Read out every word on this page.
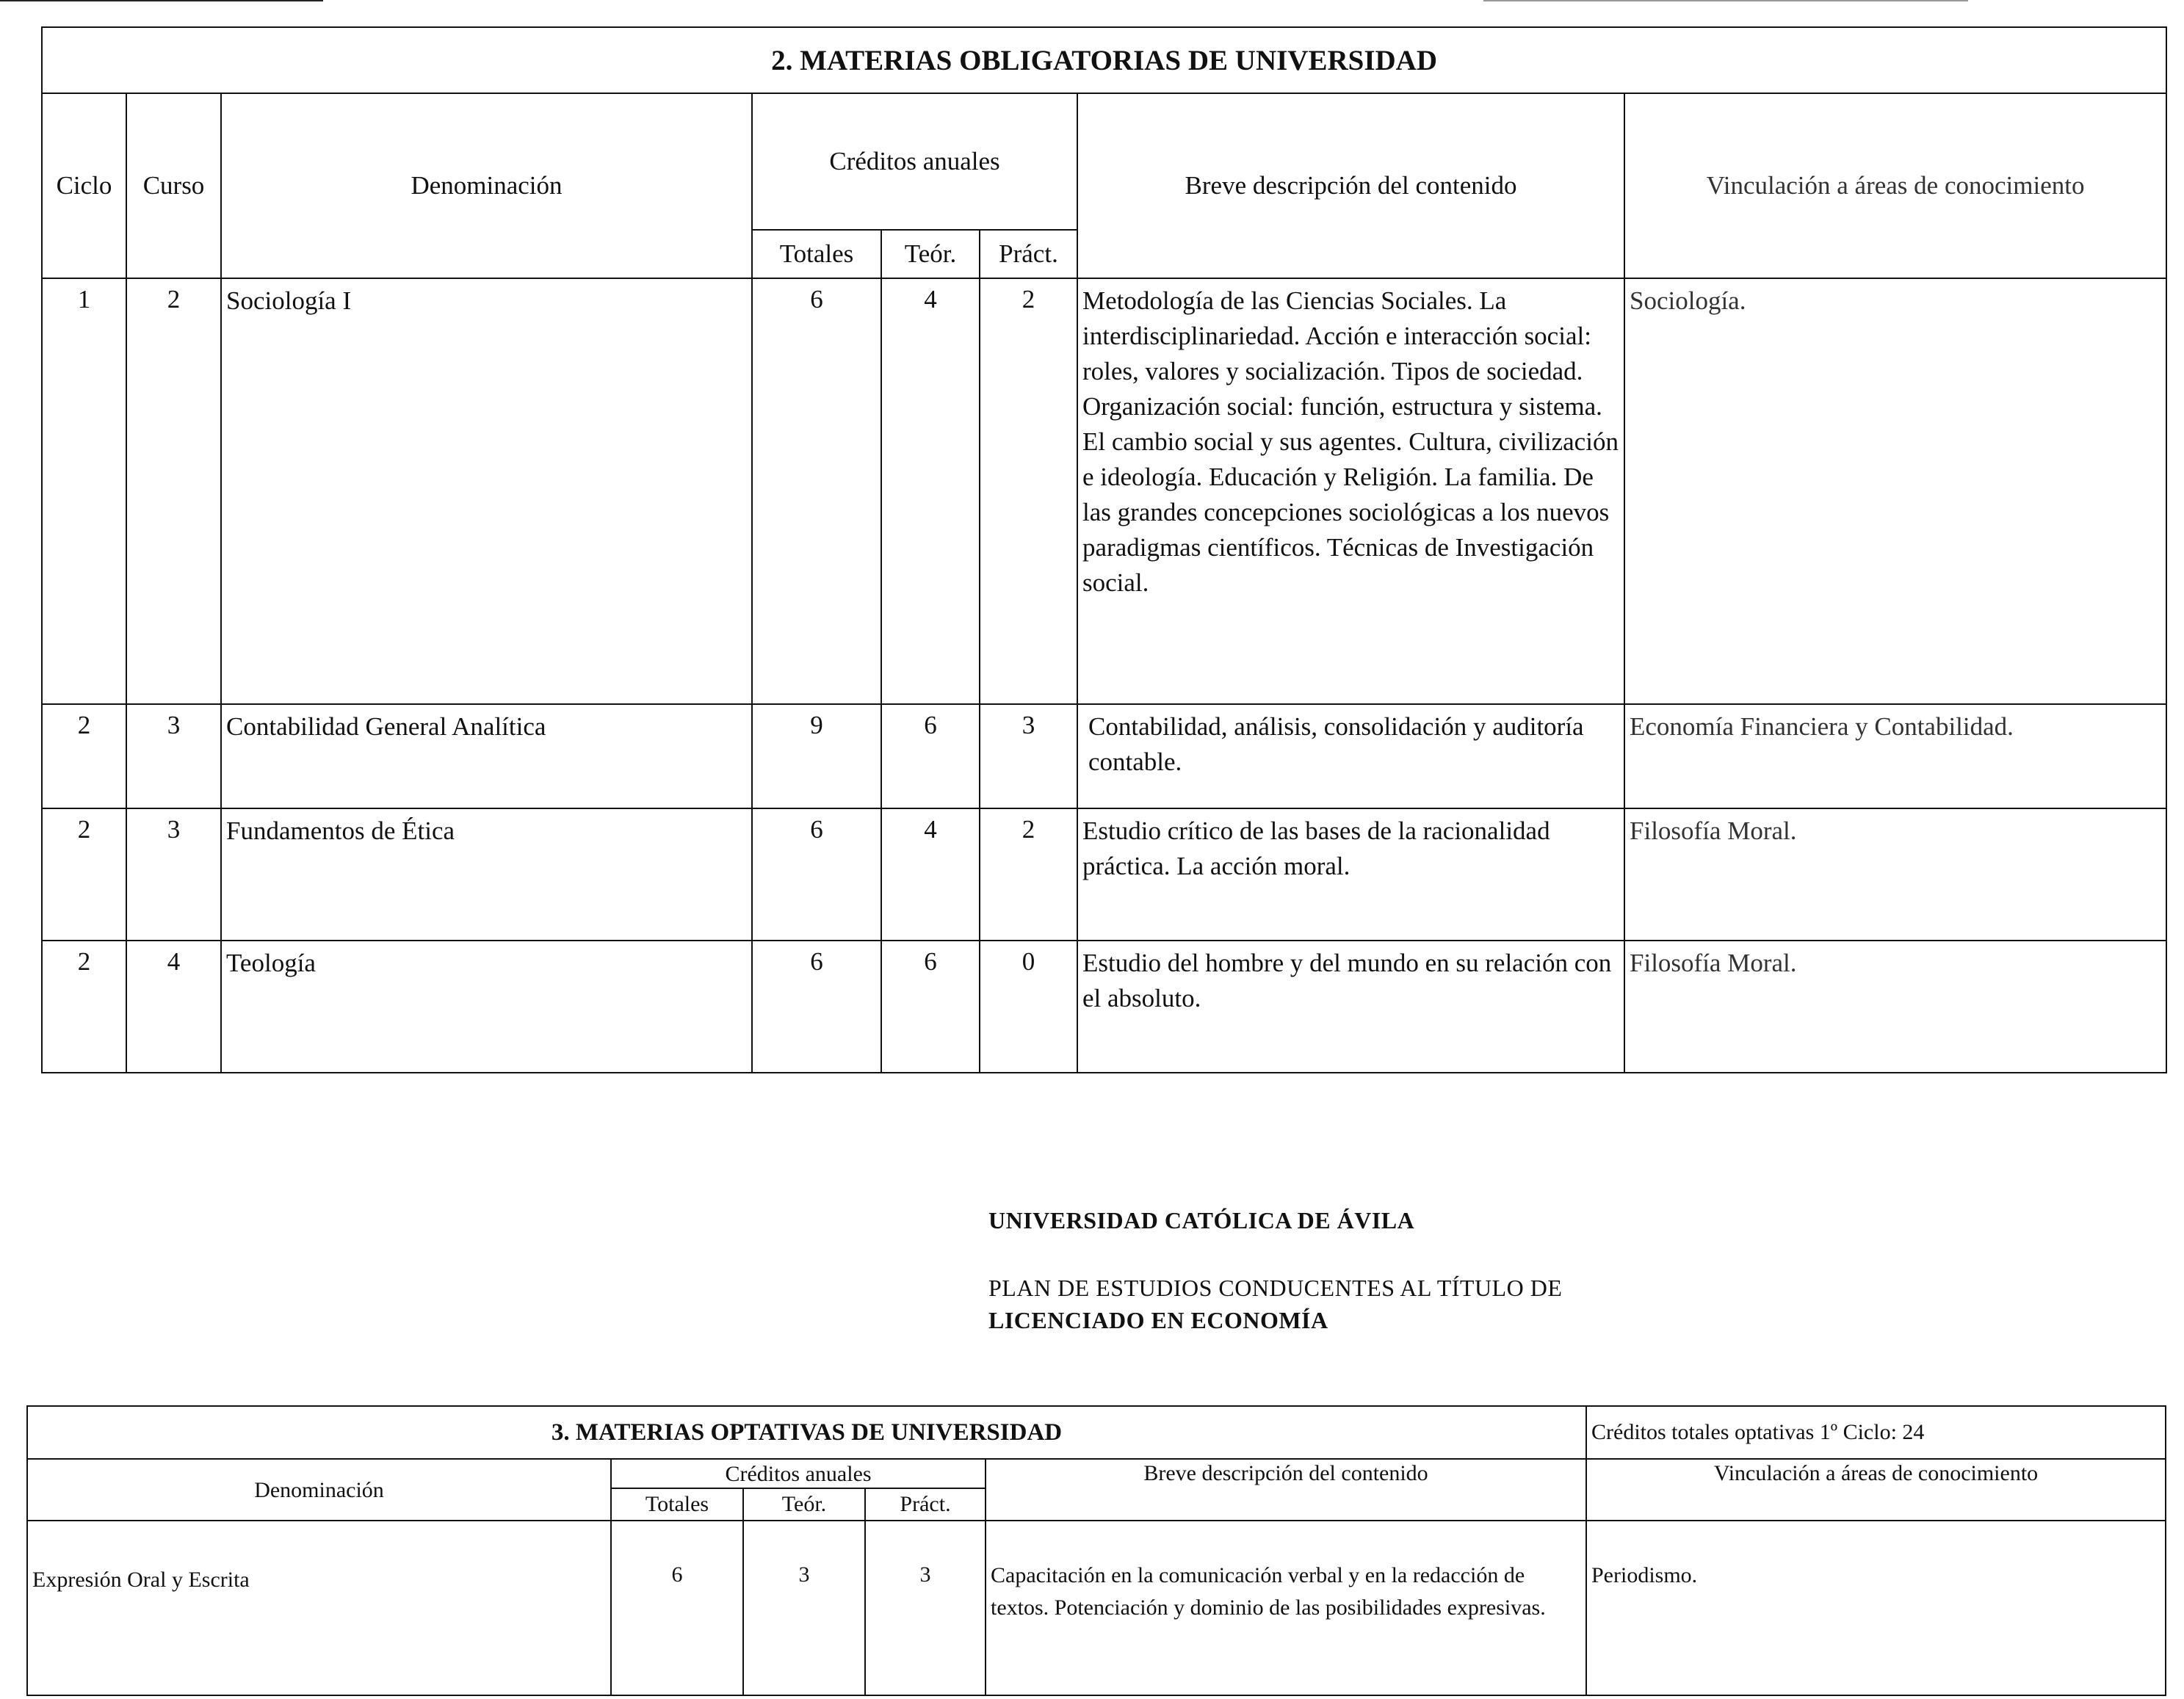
2. MATERIAS OBLIGATORIAS DE UNIVERSIDAD							
Ciclo	Curso	Denominación	Créditos anuales			Breve descripción del contenido	Vinculación a áreas de conocimiento
			Totales	Teór.	Práct.		
1	2	Sociología I	6	4	2	Metodología de las Ciencias Sociales. La interdisciplinariedad. Acción e interacción social: roles, valores y socialización. Tipos de sociedad. Organización social: función, estructura y sistema. El cambio social y sus agentes. Cultura, civilización e ideología. Educación y Religión. La familia. De las grandes concepciones sociológicas a los nuevos paradigmas científicos. Técnicas de Investigación social.	Sociología.
2	3	Contabilidad General Analítica	9	6	3	Contabilidad, análisis, consolidación y auditoría contable.	Economía Financiera y Contabilidad.
2	3	Fundamentos de Ética	6	4	2	Estudio crítico de las bases de la racionalidad práctica. La acción moral.	Filosofía Moral.
2	4	Teología	6	6	0	Estudio del hombre y del mundo en su relación con el absoluto.	Filosofía Moral.
UNIVERSIDAD CATÓLICA DE ÁVILA
PLAN DE ESTUDIOS CONDUCENTES AL TÍTULO DE
LICENCIADO EN ECONOMÍA
3. MATERIAS OPTATIVAS DE UNIVERSIDAD					Créditos totales optativas 1º Ciclo: 24
Denominación	Créditos anuales			Breve descripción del contenido	Vinculación a áreas de conocimiento
	Totales	Teór.	Práct.		
Expresión Oral y Escrita	6	3	3	Capacitación en la comunicación verbal y en la redacción de textos. Potenciación y dominio de las posibilidades expresivas.	Periodismo.
